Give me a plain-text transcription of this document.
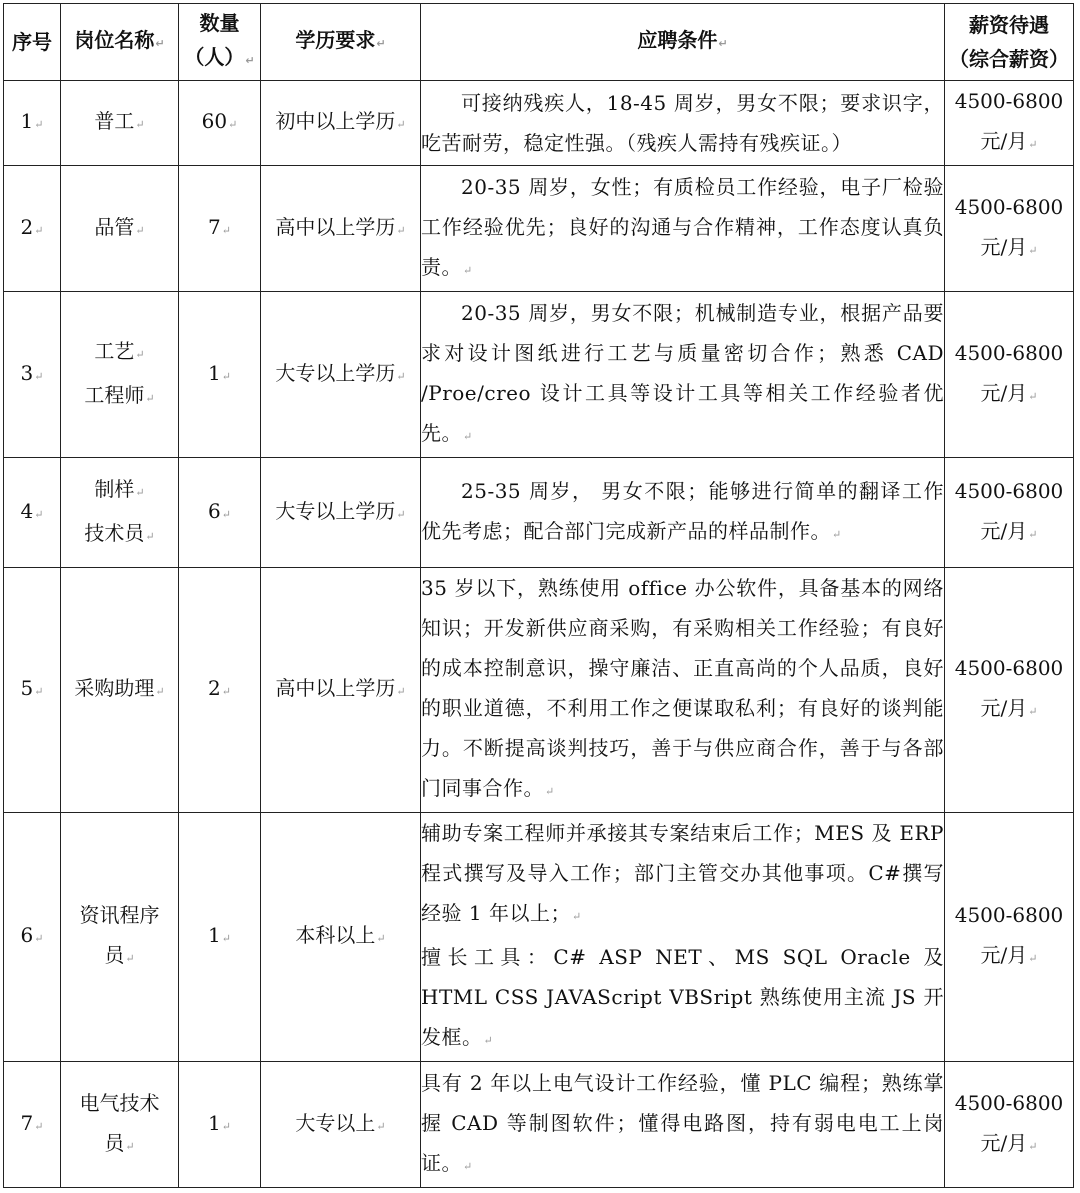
序号	岗位名称↵	数量
（人）↵	学历要求↵	应聘条件↵	薪资待遇
（综合薪资）
1↵	普工↵	60↵	初中以上学历↵	可接纳残疾人，18-45 周岁，男女不限；要求识字，吃苦耐劳，稳定性强。（残疾人需持有残疾证。）	4500-6800
元/月↵
2↵	品管↵	7↵	高中以上学历↵	20-35 周岁，女性；有质检员工作经验，电子厂检验工作经验优先；良好的沟通与合作精神，工作态度认真负责。↵	4500-6800
元/月↵
3↵	工艺↵
工程师↵	1↵	大专以上学历↵	20-35 周岁，男女不限；机械制造专业，根据产品要求对设计图纸进行工艺与质量密切合作；熟悉 CAD /Proe/creo 设计工具等设计工具等相关工作经验者优先。↵	4500-6800
元/月↵
4↵	制样↵
技术员↵	6↵	大专以上学历↵	25-35 周岁， 男女不限；能够进行简单的翻译工作优先考虑；配合部门完成新产品的样品制作。↵	4500-6800
元/月↵
5↵	采购助理↵	2↵	高中以上学历↵	35 岁以下，熟练使用 office 办公软件，具备基本的网络知识；开发新供应商采购，有采购相关工作经验；有良好的成本控制意识，操守廉洁、正直高尚的个人品质，良好的职业道德，不利用工作之便谋取私利；有良好的谈判能力。不断提高谈判技巧，善于与供应商合作，善于与各部门同事合作。↵	4500-6800
元/月↵
6↵	资讯程序
员↵	1↵	本科以上↵	辅助专案工程师并承接其专案结束后工作；MES 及 ERP 程式撰写及导入工作；部门主管交办其他事项。C#撰写经验 1 年以上；↵
擅长工具：C# ASP NET、MS SQL Oracle 及 HTML CSS JAVAScript VBSript 熟练使用主流 JS 开发框。↵	4500-6800
元/月↵
7↵	电气技术
员↵	1↵	大专以上↵	具有 2 年以上电气设计工作经验，懂 PLC 编程；熟练掌握 CAD 等制图软件；懂得电路图，持有弱电电工上岗证。↵	4500-6800
元/月↵
